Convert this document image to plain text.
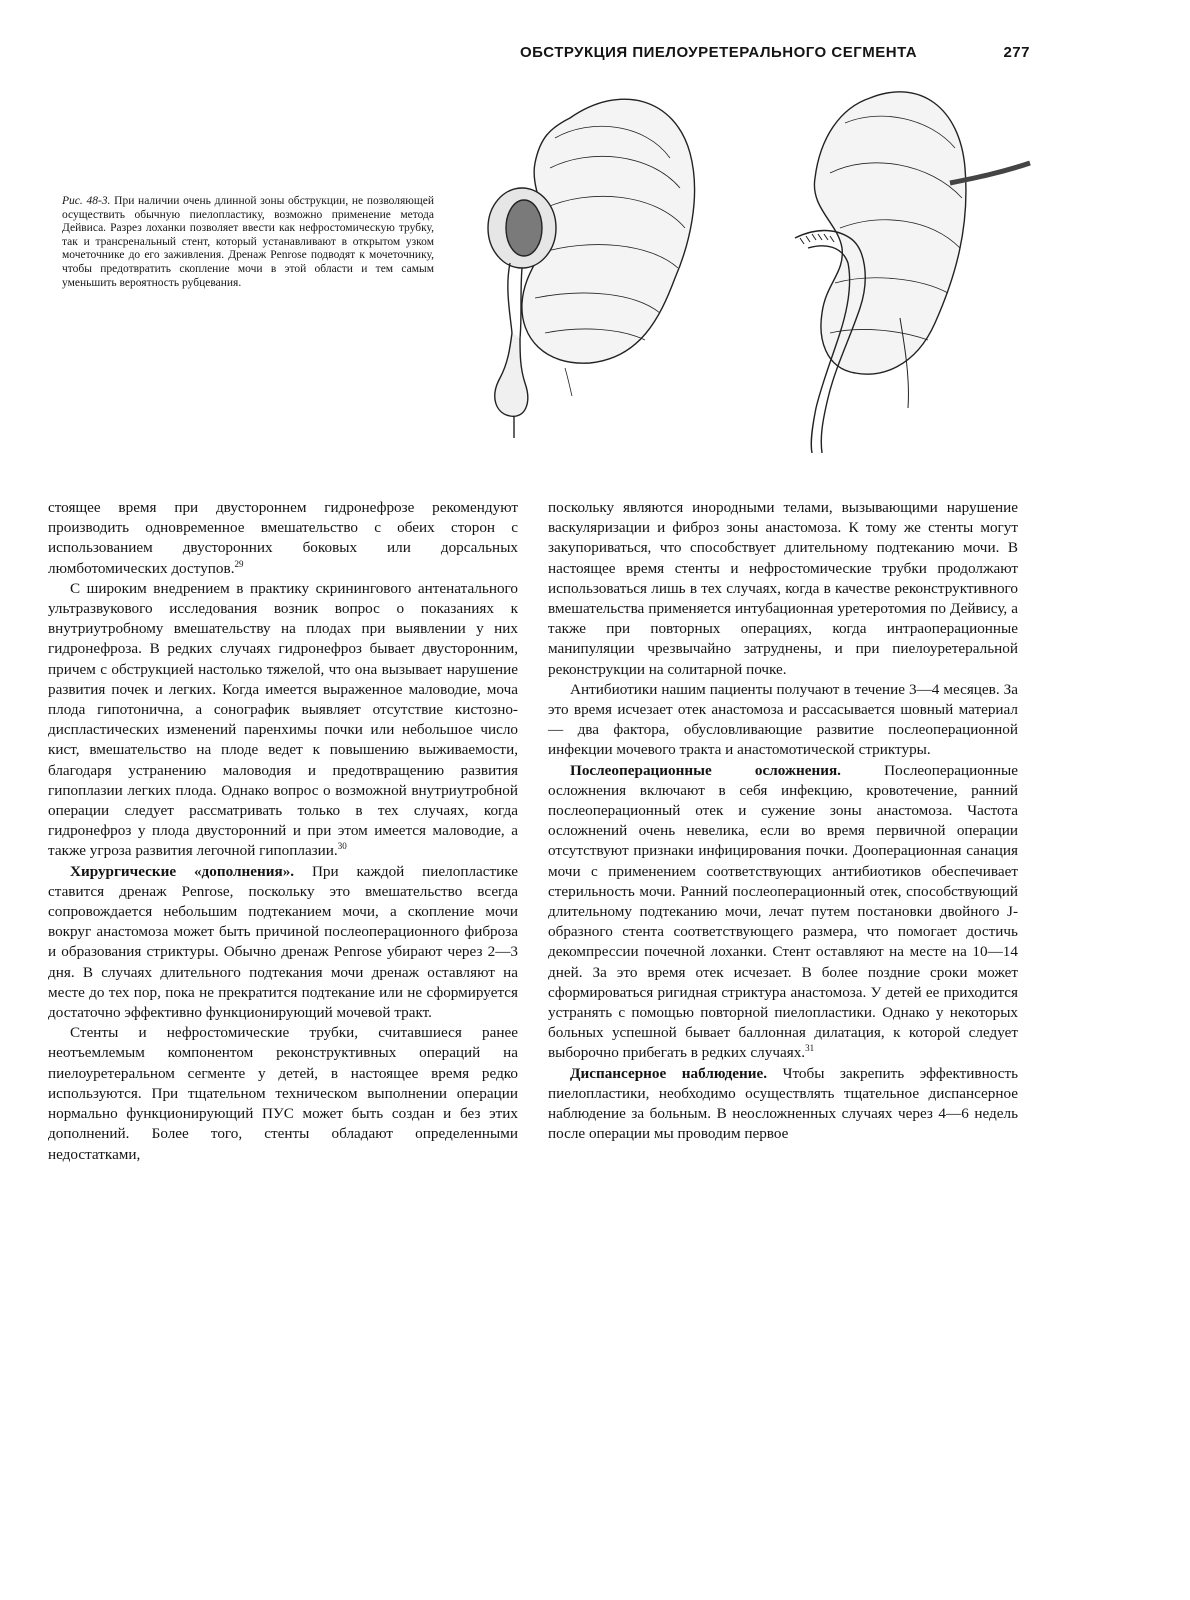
ОБСТРУКЦИЯ ПИЕЛОУРЕТЕРАЛЬНОГО СЕГМЕНТА	277
Рис. 48-3. При наличии очень длинной зоны обструкции, не позволяющей осуществить обычную пиелопластику, возможно применение метода Дейвиса. Разрез лоханки позволяет ввести как нефростомическую трубку, так и транcренальный стент, который устанавливают в открытом узком мочеточнике до его заживления. Дренаж Penrose подводят к мочеточнику, чтобы предотвратить скопление мочи в этой области и тем самым уменьшить вероятность рубцевания.

стоящее время при двустороннем гидронефрозе рекомендуют производить одновременное вмешательство с обеих сторон с использованием двусторонних боковых или дорсальных люмботомических доступов.$^{29}$

С широким внедрением в практику скринингового антенатального ультразвукового исследования возник вопрос о показаниях к внутриутробному вмешательству на плодах при выявлении у них гидронефроза. В редких случаях гидронефроз бывает двусторонним, причем с обструкцией настолько тяжелой, что она вызывает нарушение развития почек и легких. Когда имеется выраженное маловодие, моча плода гипотонична, а сонографик выявляет отсутствие кистозно-диспластических изменений паренхимы почки или небольшое число кист, вмешательство на плоде ведет к повышению выживаемости, благодаря устранению маловодия и предотвращению развития гипоплазии легких плода. Однако вопрос о возможной внутриутробной операции следует рассматривать только в тех случаях, когда гидронефроз у плода двусторонний и при этом имеется маловодие, а также угроза развития легочной гипоплазии.$^{30}$

Хирургические «дополнения». При каждой пиелопластике ставится дренаж Penrose, поскольку это вмешательство всегда сопровождается небольшим подтеканием мочи, а скопление мочи вокруг анастомоза может быть причиной послеоперационного фиброза и образования стриктуры. Обычно дренаж Penrose убирают через 2—3 дня. В случаях длительного подтекания мочи дренаж оставляют на месте до тех пор, пока не прекратится подтекание или не сформируется достаточно эффективно функционирующий мочевой тракт.

Стенты и нефростомические трубки, считавшиеся ранее неотъемлемым компонентом реконструктивных операций на пиелоуретеральном сегменте у детей, в настоящее время редко используются. При тщательном техническом выполнении операции нормально функционирующий ПУС может быть создан и без этих дополнений. Более того, стенты обладают определенными недостатками,

поскольку являются инородными телами, вызывающими нарушение васкуляризации и фиброз зоны анастомоза. К тому же стенты могут закупориваться, что способствует длительному подтеканию мочи. В настоящее время стенты и нефростомические трубки продолжают использоваться лишь в тех случаях, когда в качестве реконструктивного вмешательства применяется интубационная уретеротомия по Дейвису, а также при повторных операциях, когда интраоперационные манипуляции чрезвычайно затруднены, и при пиелоуретеральной реконструкции на солитарной почке.

Антибиотики нашим пациенты получают в течение 3—4 месяцев. За это время исчезает отек анастомоза и рассасывается шовный материал — два фактора, обусловливающие развитие послеоперационной инфекции мочевого тракта и анастомотической стриктуры.

Послеоперационные осложнения.	Послеоперационные осложнения включают в себя инфекцию, кровотечение, ранний послеоперационный отек и сужение зоны анастомоза. Частота осложнений очень невелика, если во время первичной операции отсутствуют признаки инфицирования почки. Дооперационная санация мочи с применением соответствующих антибиотиков обеспечивает стерильность мочи. Ранний послеоперационный отек, способствующий длительному подтеканию мочи, лечат путем постановки двойного J-образного стента соответствующего размера, что помогает достичь декомпрессии почечной лоханки. Стент оставляют на месте на 10—14 дней. За это время отек исчезает. В более поздние сроки может сформироваться ригидная стриктура анастомоза. У детей ее приходится устранять с помощью повторной пиелопластики. Однако у некоторых больных успешной бывает баллонная дилатация, к которой следует выборочно прибегать в редких случаях.$^{31}$

Диспансерное наблюдение. Чтобы закрепить эффективность пиелопластики, необходимо осуществлять тщательное диспансерное наблюдение за больным. В неосложненных случаях через 4—6 недель после операции мы проводим первое
